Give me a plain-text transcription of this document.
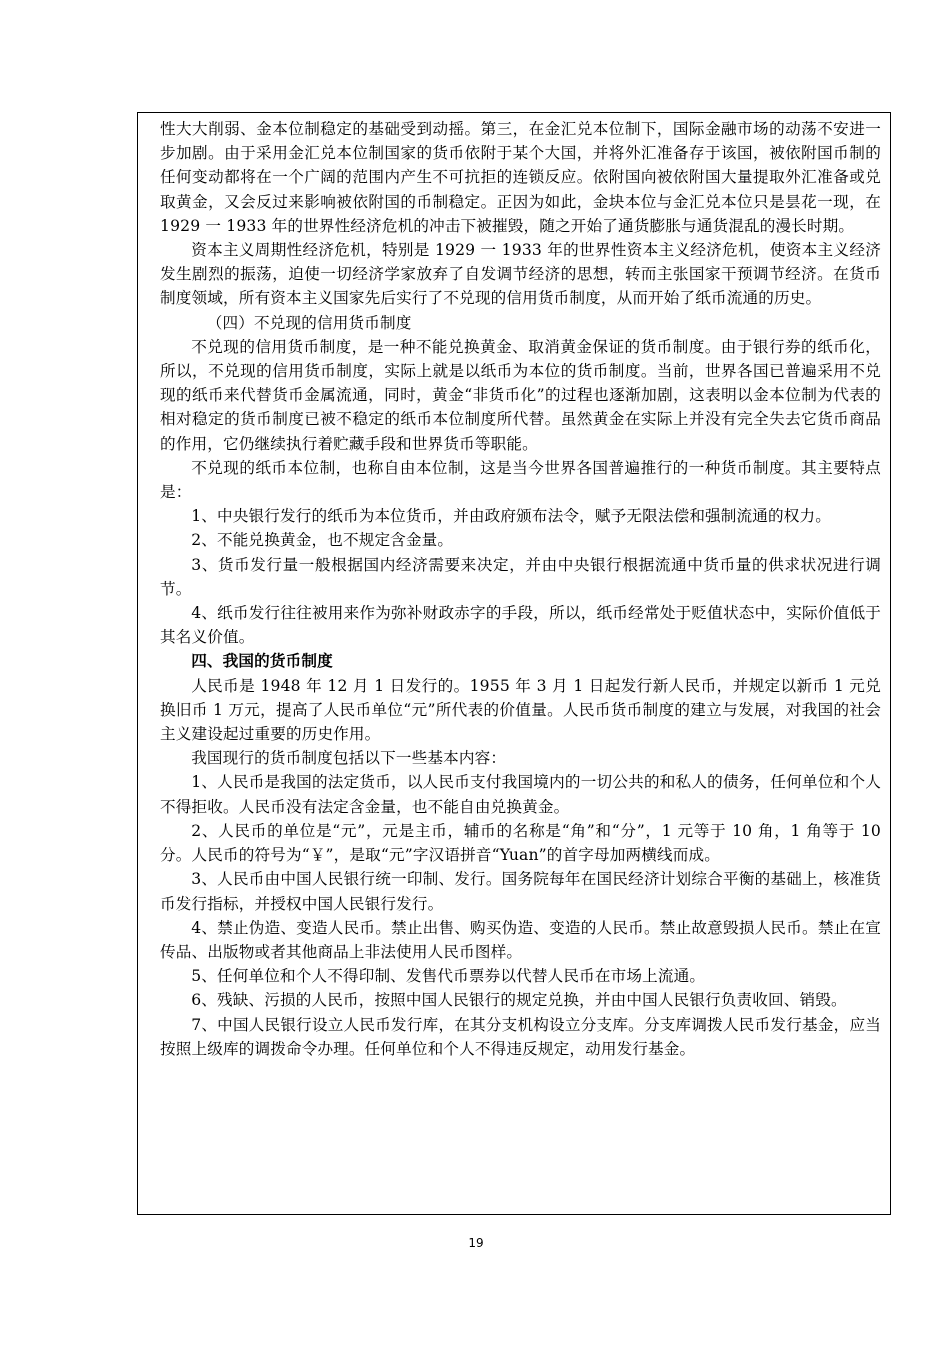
性大大削弱、金本位制稳定的基础受到动摇。第三，在金汇兑本位制下，国际金融市场的动荡不安进一步加剧。由于采用金汇兑本位制国家的货币依附于某个大国，并将外汇准备存于该国，被依附国币制的任何变动都将在一个广阔的范围内产生不可抗拒的连锁反应。依附国向被依附国大量提取外汇准备或兑取黄金，又会反过来影响被依附国的币制稳定。正因为如此，金块本位与金汇兑本位只是昙花一现，在 1929 一 1933 年的世界性经济危机的冲击下被摧毁，随之开始了通货膨胀与通货混乱的漫长时期。

资本主义周期性经济危机，特别是 1929 一 1933 年的世界性资本主义经济危机，使资本主义经济发生剧烈的振荡，迫使一切经济学家放弃了自发调节经济的思想，转而主张国家干预调节经济。在货币制度领域，所有资本主义国家先后实行了不兑现的信用货币制度，从而开始了纸币流通的历史。

（四）不兑现的信用货币制度

不兑现的信用货币制度，是一种不能兑换黄金、取消黄金保证的货币制度。由于银行券的纸币化，所以，不兑现的信用货币制度，实际上就是以纸币为本位的货币制度。当前，世界各国已普遍采用不兑现的纸币来代替货币金属流通，同时，黄金“非货币化”的过程也逐渐加剧，这表明以金本位制为代表的相对稳定的货币制度已被不稳定的纸币本位制度所代替。虽然黄金在实际上并没有完全失去它货币商品的作用，它仍继续执行着贮藏手段和世界货币等职能。

不兑现的纸币本位制，也称自由本位制，这是当今世界各国普遍推行的一种货币制度。其主要特点是：

1、中央银行发行的纸币为本位货币，并由政府颁布法令，赋予无限法偿和强制流通的权力。

2、不能兑换黄金，也不规定含金量。

3、货币发行量一般根据国内经济需要来决定，并由中央银行根据流通中货币量的供求状况进行调节。

4、纸币发行往往被用来作为弥补财政赤字的手段，所以，纸币经常处于贬值状态中，实际价值低于其名义价值。

四、我国的货币制度

人民币是 1948 年 12 月 1 日发行的。1955 年 3 月 1 日起发行新人民币，并规定以新币 1 元兑换旧币 1 万元，提高了人民币单位“元”所代表的价值量。人民币货币制度的建立与发展，对我国的社会主义建设起过重要的历史作用。

我国现行的货币制度包括以下一些基本内容：

1、人民币是我国的法定货币，以人民币支付我国境内的一切公共的和私人的债务，任何单位和个人不得拒收。人民币没有法定含金量，也不能自由兑换黄金。

2、人民币的单位是“元”，元是主币，辅币的名称是“角”和“分”，1 元等于 10 角，1 角等于 10 分。人民币的符号为“￥”，是取“元”字汉语拼音“Yuan”的首字母加两横线而成。

3、人民币由中国人民银行统一印制、发行。国务院每年在国民经济计划综合平衡的基础上，核准货币发行指标，并授权中国人民银行发行。

4、禁止伪造、变造人民币。禁止出售、购买伪造、变造的人民币。禁止故意毁损人民币。禁止在宣传品、出版物或者其他商品上非法使用人民币图样。

5、任何单位和个人不得印制、发售代币票券以代替人民币在市场上流通。

6、残缺、污损的人民币，按照中国人民银行的规定兑换，并由中国人民银行负责收回、销毁。

7、中国人民银行设立人民币发行库，在其分支机构设立分支库。分支库调拨人民币发行基金，应当按照上级库的调拨命令办理。任何单位和个人不得违反规定，动用发行基金。

19
